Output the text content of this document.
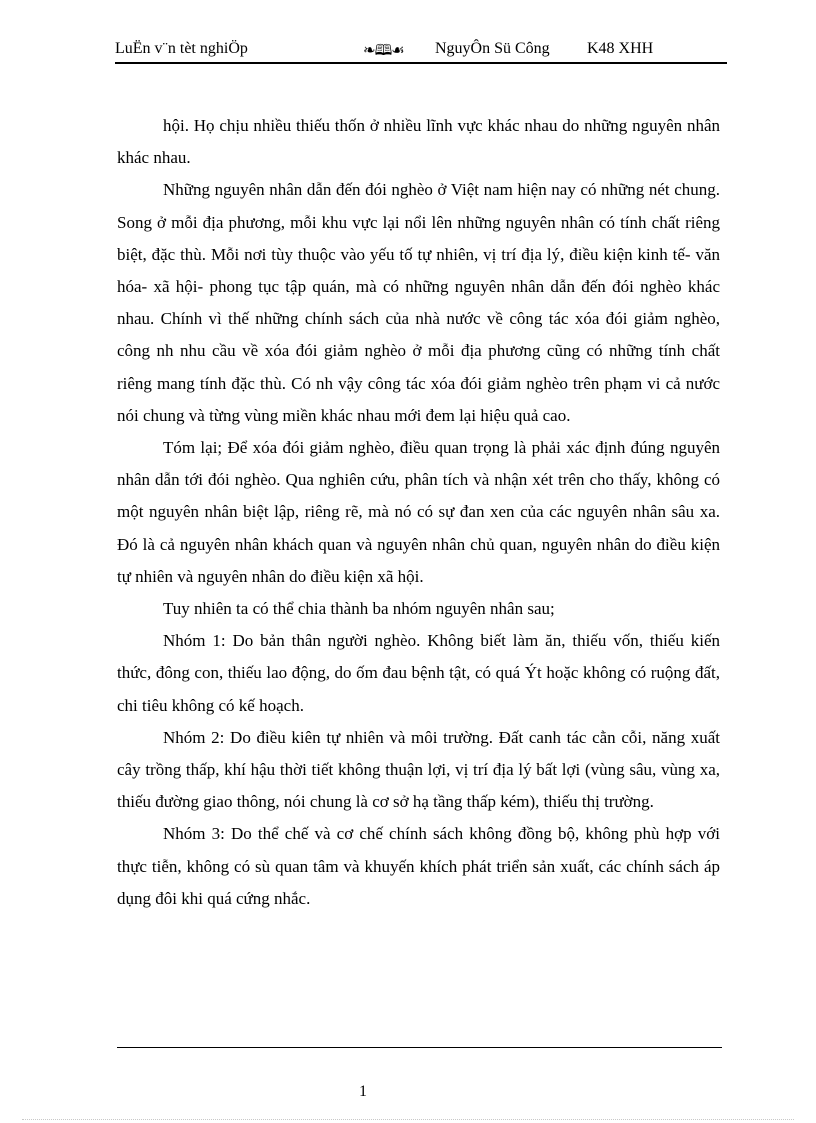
LuËn v¨n tèt nghiÖp	❧🕮☙ NguyÔn Sü Công K48 XHH

hội. Họ chịu nhiều thiếu thốn ở nhiều lĩnh vực khác nhau do những nguyên nhân khác nhau.

Những nguyên nhân dẫn đến đói nghèo ở Việt nam hiện nay có những nét chung. Song ở mỗi địa phương, mỗi khu vực lại nổi lên những nguyên nhân có tính chất riêng biệt, đặc thù. Mỗi nơi tùy thuộc vào yếu tố tự nhiên, vị trí địa lý, điều kiện kinh tế- văn hóa- xã hội- phong tục tập quán, mà có những nguyên nhân dẫn đến đói nghèo khác nhau. Chính vì thế những chính sách của nhà nước về công tác xóa đói giảm nghèo, công nh nhu cầu về xóa đói giảm nghèo ở mỗi địa phương cũng có những tính chất riêng mang tính đặc thù. Có nh vậy công tác xóa đói giảm nghèo trên phạm vi cả nước nói chung và từng vùng miền khác nhau mới đem lại hiệu quả cao.

Tóm lại; Để xóa đói giảm nghèo, điều quan trọng là phải xác định đúng nguyên nhân dẫn tới đói nghèo. Qua nghiên cứu, phân tích và nhận xét trên cho thấy, không có một nguyên nhân biệt lập, riêng rẽ, mà nó có sự đan xen của các nguyên nhân sâu xa. Đó là cả nguyên nhân khách quan và nguyên nhân chủ quan, nguyên nhân do điều kiện tự nhiên và nguyên nhân do điều kiện xã hội.

Tuy nhiên ta có thể chia thành ba nhóm nguyên nhân sau;

Nhóm 1: Do bản thân người nghèo. Không biết làm ăn, thiếu vốn, thiếu kiến thức, đông con, thiếu lao động, do ốm đau bệnh tật, có quá Ýt hoặc không có ruộng đất, chi tiêu không có kế hoạch.

Nhóm 2: Do điều kiên tự nhiên và môi trường. Đất canh tác cằn cỗi, năng xuất cây trồng thấp, khí hậu thời tiết không thuận lợi, vị trí địa lý bất lợi (vùng sâu, vùng xa, thiếu đường giao thông, nói chung là cơ sở hạ tầng thấp kém), thiếu thị trường.

Nhóm 3: Do thể chế và cơ chế chính sách không đồng bộ, không phù hợp với thực tiễn, không có sù quan tâm và khuyến khích phát triển sản xuất, các chính sách áp dụng đôi khi quá cứng nhắc.

1
